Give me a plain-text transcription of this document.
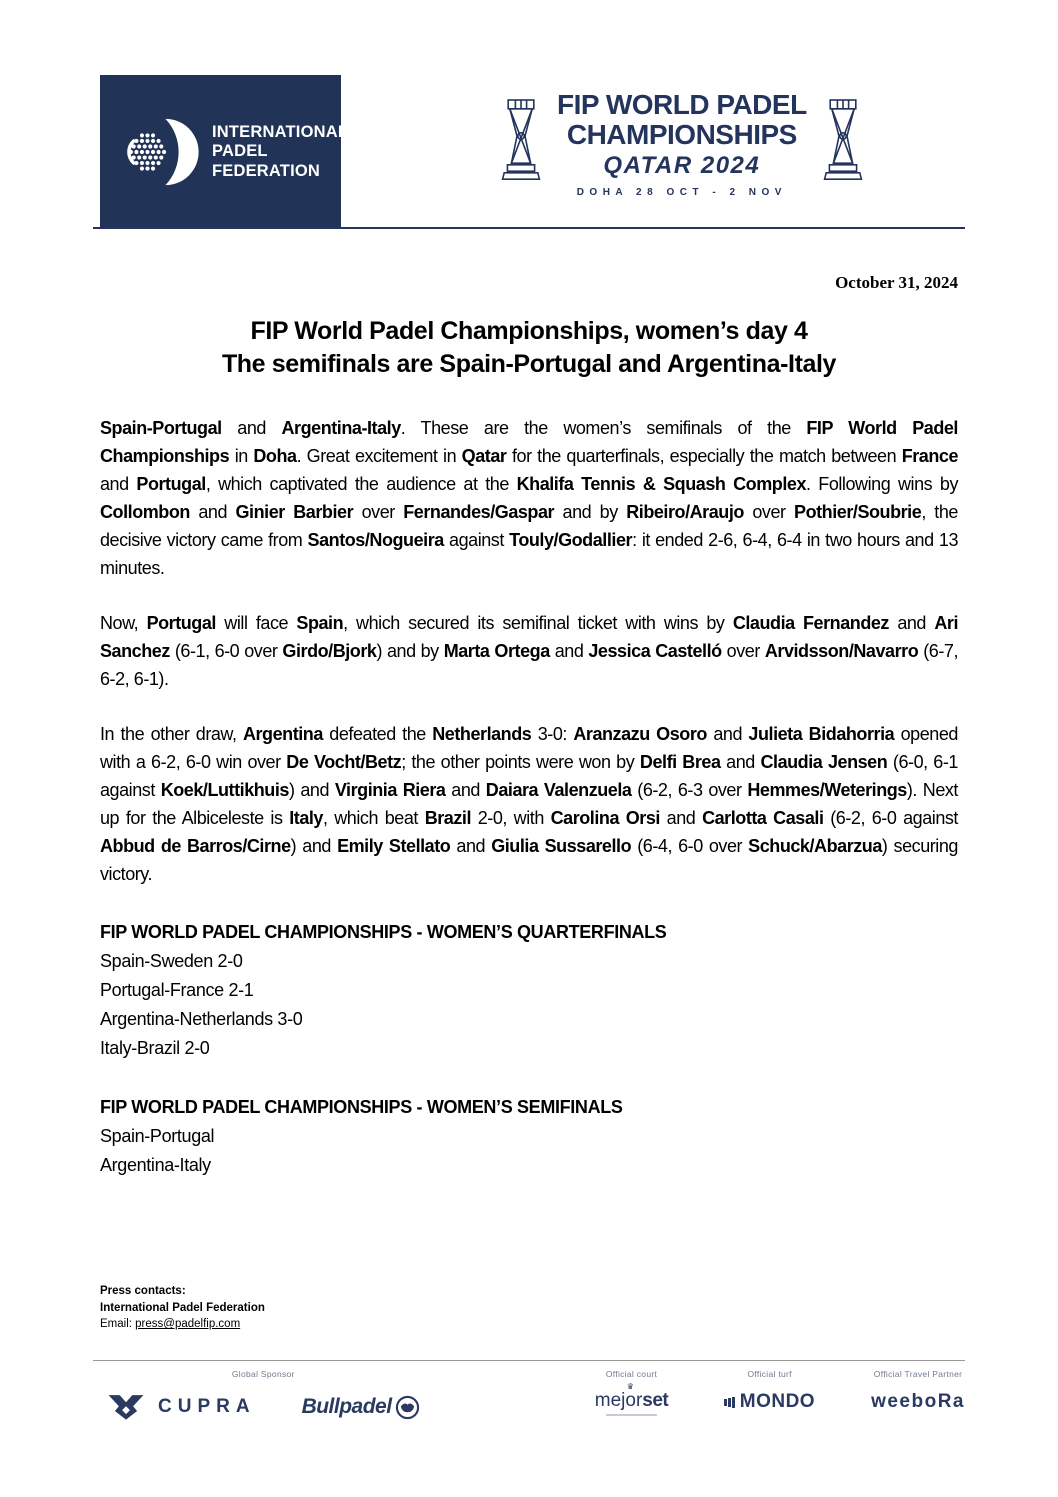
INTERNATIONAL
PADEL
FEDERATION
FIP WORLD PADEL
CHAMPIONSHIPS
QATAR 2024
DOHA 28 OCT - 2 NOV
October 31, 2024
FIP World Padel Championships, women’s day 4
The semifinals are Spain-Portugal and Argentina-Italy

Spain-Portugal and Argentina-Italy. These are the women’s semifinals of the FIP World Padel Championships in Doha. Great excitement in Qatar for the quarterfinals, especially the match between France and Portugal, which captivated the audience at the Khalifa Tennis & Squash Complex. Following wins by Collombon and Ginier Barbier over Fernandes/Gaspar and by Ribeiro/Araujo over Pothier/Soubrie, the decisive victory came from Santos/Nogueira against Touly/Godallier: it ended 2-6, 6-4, 6-4 in two hours and 13 minutes.

Now, Portugal will face Spain, which secured its semifinal ticket with wins by Claudia Fernandez and Ari Sanchez (6-1, 6-0 over Girdo/Bjork) and by Marta Ortega and Jessica Castelló over Arvidsson/Navarro (6-7, 6-2, 6-1).

In the other draw, Argentina defeated the Netherlands 3-0: Aranzazu Osoro and Julieta Bidahorria opened with a 6-2, 6-0 win over De Vocht/Betz; the other points were won by Delfi Brea and Claudia Jensen (6-0, 6-1 against Koek/Luttikhuis) and Virginia Riera and Daiara Valenzuela (6-2, 6-3 over Hemmes/Weterings). Next up for the Albiceleste is Italy, which beat Brazil 2-0, with Carolina Orsi and Carlotta Casali (6-2, 6-0 against Abbud de Barros/Cirne) and Emily Stellato and Giulia Sussarello (6-4, 6-0 over Schuck/Abarzua) securing victory.

FIP WORLD PADEL CHAMPIONSHIPS - WOMEN’S QUARTERFINALS
Spain-Sweden 2-0
Portugal-France 2-1
Argentina-Netherlands 3-0
Italy-Brazil 2-0
FIP WORLD PADEL CHAMPIONSHIPS - WOMEN’S SEMIFINALS
Spain-Portugal
Argentina-Italy
Press contacts:
International Padel Federation
Email: press@padelfip.com
Global Sponsor
CUPRA Bullpadel
Official court
♛
mejorset
Official turf
MONDO
Official Travel Partner
weeboRa
